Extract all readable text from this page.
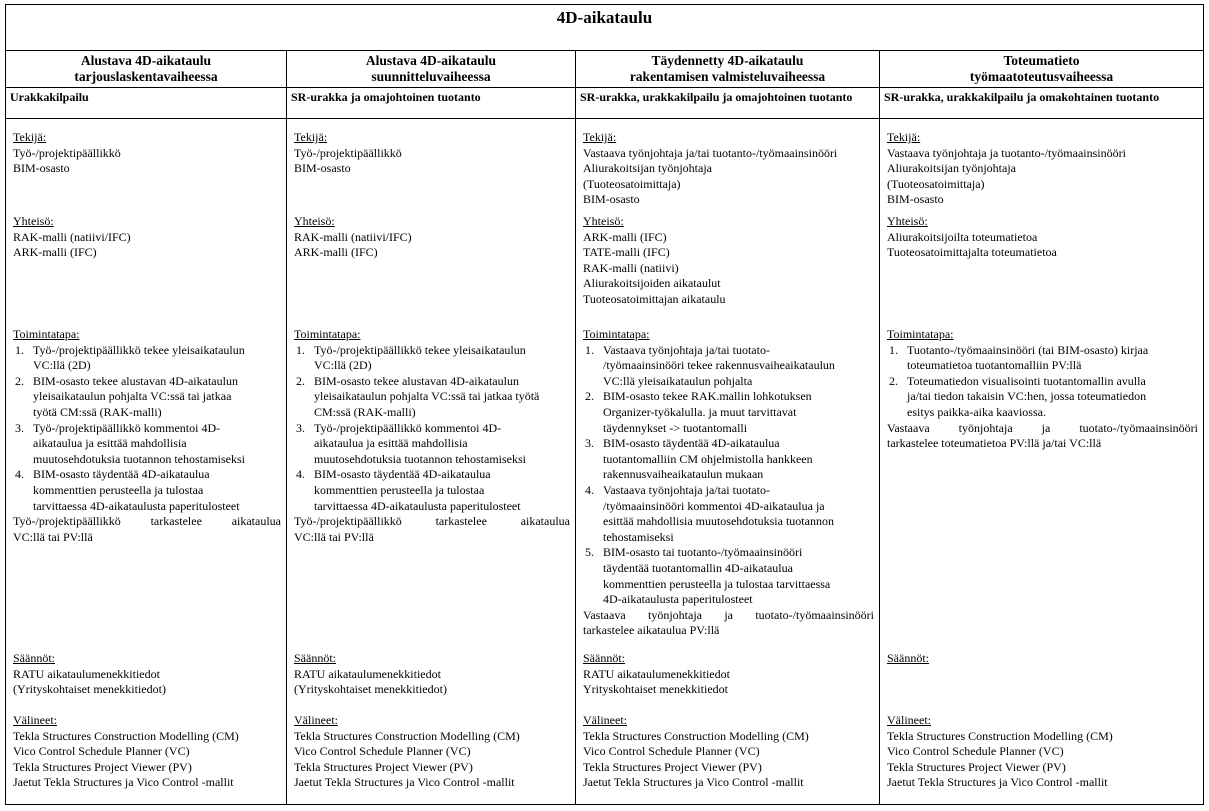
4D-aikataulu
Alustava 4D-aikataulu
tarjouslaskentavaiheessa
Urakkakilpailu
Tekijä:
Työ-/projektipäällikkö
BIM-osasto
Yhteisö:
RAK-malli (natiivi/IFC)
ARK-malli (IFC)
Toimintatapa:
1. Työ-/projektipäällikkö tekee yleisaikataulun
VC:llä (2D)
2. BIM-osasto tekee alustavan 4D-aikataulun
yleisaikataulun pohjalta VC:ssä tai jatkaa
työtä CM:ssä (RAK-malli)
3. Työ-/projektipäällikkö kommentoi 4D-
aikataulua ja esittää mahdollisia
muutosehdotuksia tuotannon tehostamiseksi
4. BIM-osasto täydentää 4D-aikataulua
kommenttien perusteella ja tulostaa
tarvittaessa 4D-aikataulusta paperitulosteet
Työ-/projektipäällikkö tarkastelee aikataulua
VC:llä tai PV:llä
Säännöt:
RATU aikataulumenekkitiedot
(Yrityskohtaiset menekkitiedot)
Välineet:
Tekla Structures Construction Modelling (CM)
Vico Control Schedule Planner (VC)
Tekla Structures Project Viewer (PV)
Jaetut Tekla Structures ja Vico Control -mallit
Alustava 4D-aikataulu
suunnitteluvaiheessa
SR-urakka ja omajohtoinen tuotanto
Tekijä:
Työ-/projektipäällikkö
BIM-osasto
Yhteisö:
RAK-malli (natiivi/IFC)
ARK-malli (IFC)
Toimintatapa:
1. Työ-/projektipäällikkö tekee yleisaikataulun
VC:llä (2D)
2. BIM-osasto tekee alustavan 4D-aikataulun
yleisaikataulun pohjalta VC:ssä tai jatkaa työtä
CM:ssä (RAK-malli)
3. Työ-/projektipäällikkö kommentoi 4D-
aikataulua ja esittää mahdollisia
muutosehdotuksia tuotannon tehostamiseksi
4. BIM-osasto täydentää 4D-aikataulua
kommenttien perusteella ja tulostaa
tarvittaessa 4D-aikataulusta paperitulosteet
Työ-/projektipäällikkö tarkastelee aikataulua
VC:llä tai PV:llä
Säännöt:
RATU aikataulumenekkitiedot
(Yrityskohtaiset menekkitiedot)
Välineet:
Tekla Structures Construction Modelling (CM)
Vico Control Schedule Planner (VC)
Tekla Structures Project Viewer (PV)
Jaetut Tekla Structures ja Vico Control -mallit
Täydennetty 4D-aikataulu
rakentamisen valmisteluvaiheessa
SR-urakka, urakkakilpailu ja omajohtoinen tuotanto
Tekijä:
Vastaava työnjohtaja ja/tai tuotanto-/työmaainsinööri
Aliurakoitsijan työnjohtaja
(Tuoteosatoimittaja)
BIM-osasto
Yhteisö:
ARK-malli (IFC)
TATE-malli (IFC)
RAK-malli (natiivi)
Aliurakoitsijoiden aikataulut
Tuoteosatoimittajan aikataulu
Toimintatapa:
1. Vastaava työnjohtaja ja/tai tuotato-
/työmaainsinööri tekee rakennusvaiheaikataulun
VC:llä yleisaikataulun pohjalta
2. BIM-osasto tekee RAK.mallin lohkotuksen
Organizer-työkalulla. ja muut tarvittavat
täydennykset -> tuotantomalli
3. BIM-osasto täydentää 4D-aikataulua
tuotantomalliin CM ohjelmistolla hankkeen
rakennusvaiheaikataulun mukaan
4. Vastaava työnjohtaja ja/tai tuotato-
/työmaainsinööri kommentoi 4D-aikataulua ja
esittää mahdollisia muutosehdotuksia tuotannon
tehostamiseksi
5. BIM-osasto tai tuotanto-/työmaainsinööri
täydentää tuotantomallin 4D-aikataulua
kommenttien perusteella ja tulostaa tarvittaessa
4D-aikataulusta paperitulosteet
Vastaava työnjohtaja ja tuotato-/työmaainsinööri
tarkastelee aikataulua PV:llä
Säännöt:
RATU aikataulumenekkitiedot
Yrityskohtaiset menekkitiedot
Välineet:
Tekla Structures Construction Modelling (CM)
Vico Control Schedule Planner (VC)
Tekla Structures Project Viewer (PV)
Jaetut Tekla Structures ja Vico Control -mallit
Toteumatieto
työmaatoteutusvaiheessa
SR-urakka, urakkakilpailu ja omakohtainen tuotanto
Tekijä:
Vastaava työnjohtaja ja tuotanto-/työmaainsinööri
Aliurakoitsijan työnjohtaja
(Tuoteosatoimittaja)
BIM-osasto
Yhteisö:
Aliurakoitsijoilta toteumatietoa
Tuoteosatoimittajalta toteumatietoa
Toimintatapa:
1. Tuotanto-/työmaainsinööri (tai BIM-osasto) kirjaa
toteumatietoa tuotantomalliin PV:llä
2. Toteumatiedon visualisointi tuotantomallin avulla
ja/tai tiedon takaisin VC:hen, jossa toteumatiedon
esitys paikka-aika kaaviossa.
Vastaava työnjohtaja ja tuotato-/työmaainsinööri
tarkastelee toteumatietoa PV:llä ja/tai VC:llä
Säännöt:
Välineet:
Tekla Structures Construction Modelling (CM)
Vico Control Schedule Planner (VC)
Tekla Structures Project Viewer (PV)
Jaetut Tekla Structures ja Vico Control -mallit
